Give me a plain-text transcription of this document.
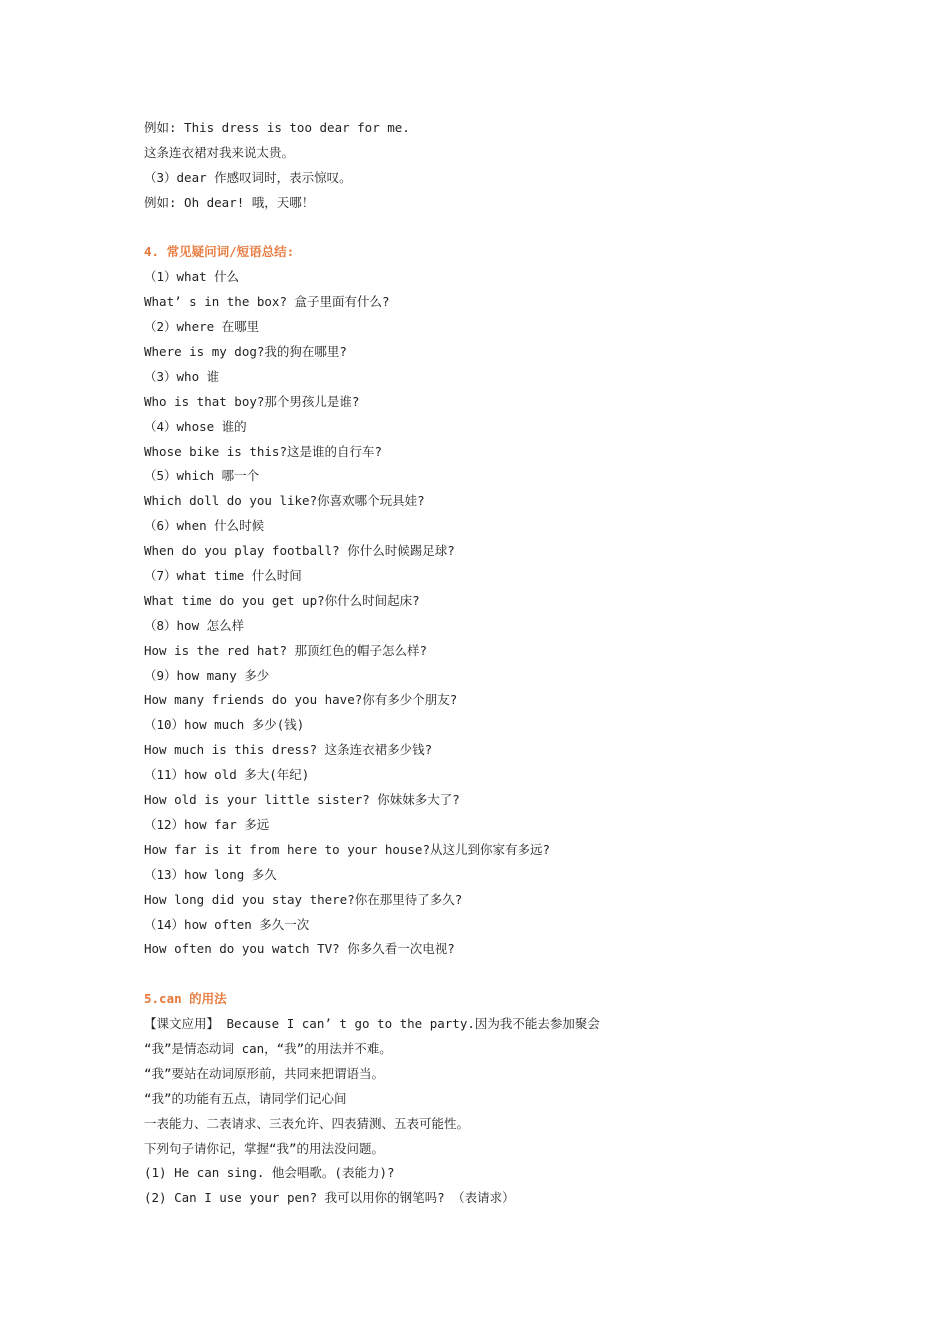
例如: This dress is too dear for me.
这条连衣裙对我来说太贵。
（3）dear 作感叹词时，表示惊叹。
例如: Oh dear! 哦，天哪！
4. 常见疑问词/短语总结:
（1）what 什么
What’ s in the box? 盒子里面有什么?
（2）where 在哪里
Where is my dog?我的狗在哪里?
（3）who 谁
Who is that boy?那个男孩儿是谁?
（4）whose 谁的
Whose bike is this?这是谁的自行车?
（5）which 哪一个
Which doll do you like?你喜欢哪个玩具娃?
（6）when 什么时候
When do you play football? 你什么时候踢足球?
（7）what time 什么时间
What time do you get up?你什么时间起床?
（8）how 怎么样
How is the red hat? 那顶红色的帽子怎么样?
（9）how many 多少
How many friends do you have?你有多少个朋友?
（10）how much 多少(钱)
How much is this dress? 这条连衣裙多少钱?
（11）how old 多大(年纪)
How old is your little sister? 你妹妹多大了?
（12）how far 多远
How far is it from here to your house?从这儿到你家有多远?
（13）how long 多久
How long did you stay there?你在那里待了多久?
（14）how often 多久一次
How often do you watch TV? 你多久看一次电视?
5.can 的用法
【课文应用】 Because I can’ t go to the party.因为我不能去参加聚会
“我”是情态动词 can，“我”的用法并不难。
“我”要站在动词原形前，共同来把谓语当。
“我”的功能有五点，请同学们记心间
一表能力、二表请求、三表允许、四表猜测、五表可能性。
下列句子请你记，掌握“我”的用法没问题。
(1) He can sing. 他会唱歌。(表能力)?
(2) Can I use your pen? 我可以用你的钢笔吗? （表请求）
